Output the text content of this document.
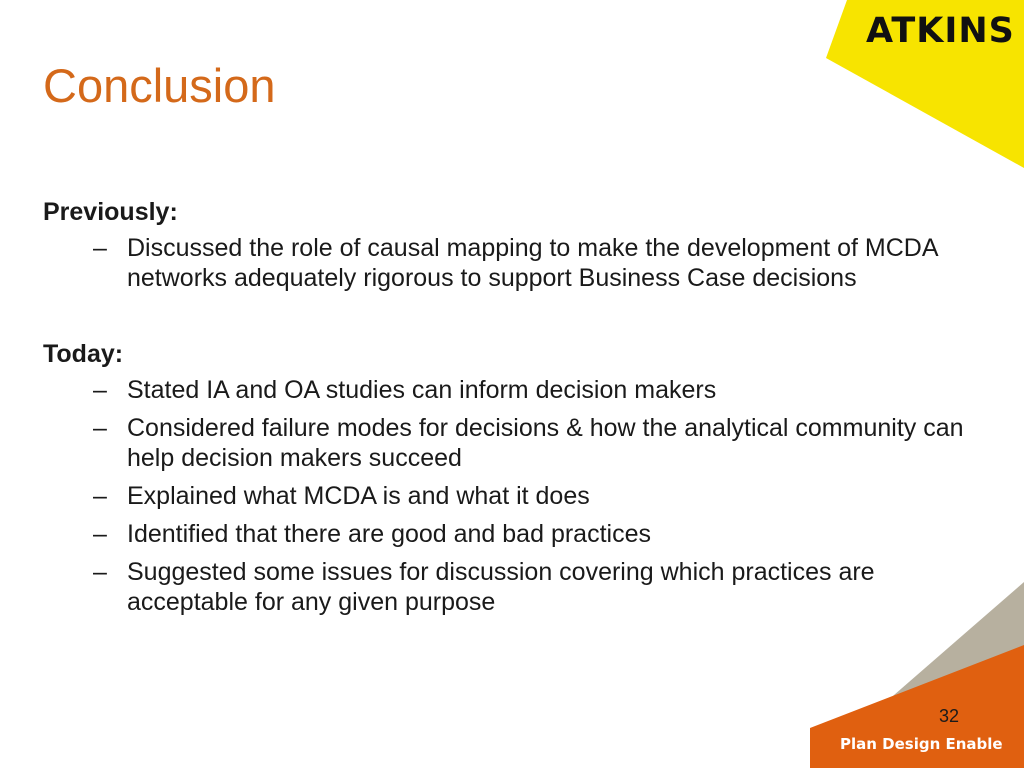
ATKINS
Conclusion

Previously:

– Discussed the role of causal mapping to make the development of MCDA networks adequately rigorous to support Business Case decisions

Today:

– Stated IA and OA studies can inform decision makers
– Considered failure modes for decisions & how the analytical community can help decision makers succeed
– Explained what MCDA is and what it does
– Identified that there are good and bad practices
– Suggested some issues for discussion covering which practices are acceptable for any given purpose
32
Plan Design Enable
